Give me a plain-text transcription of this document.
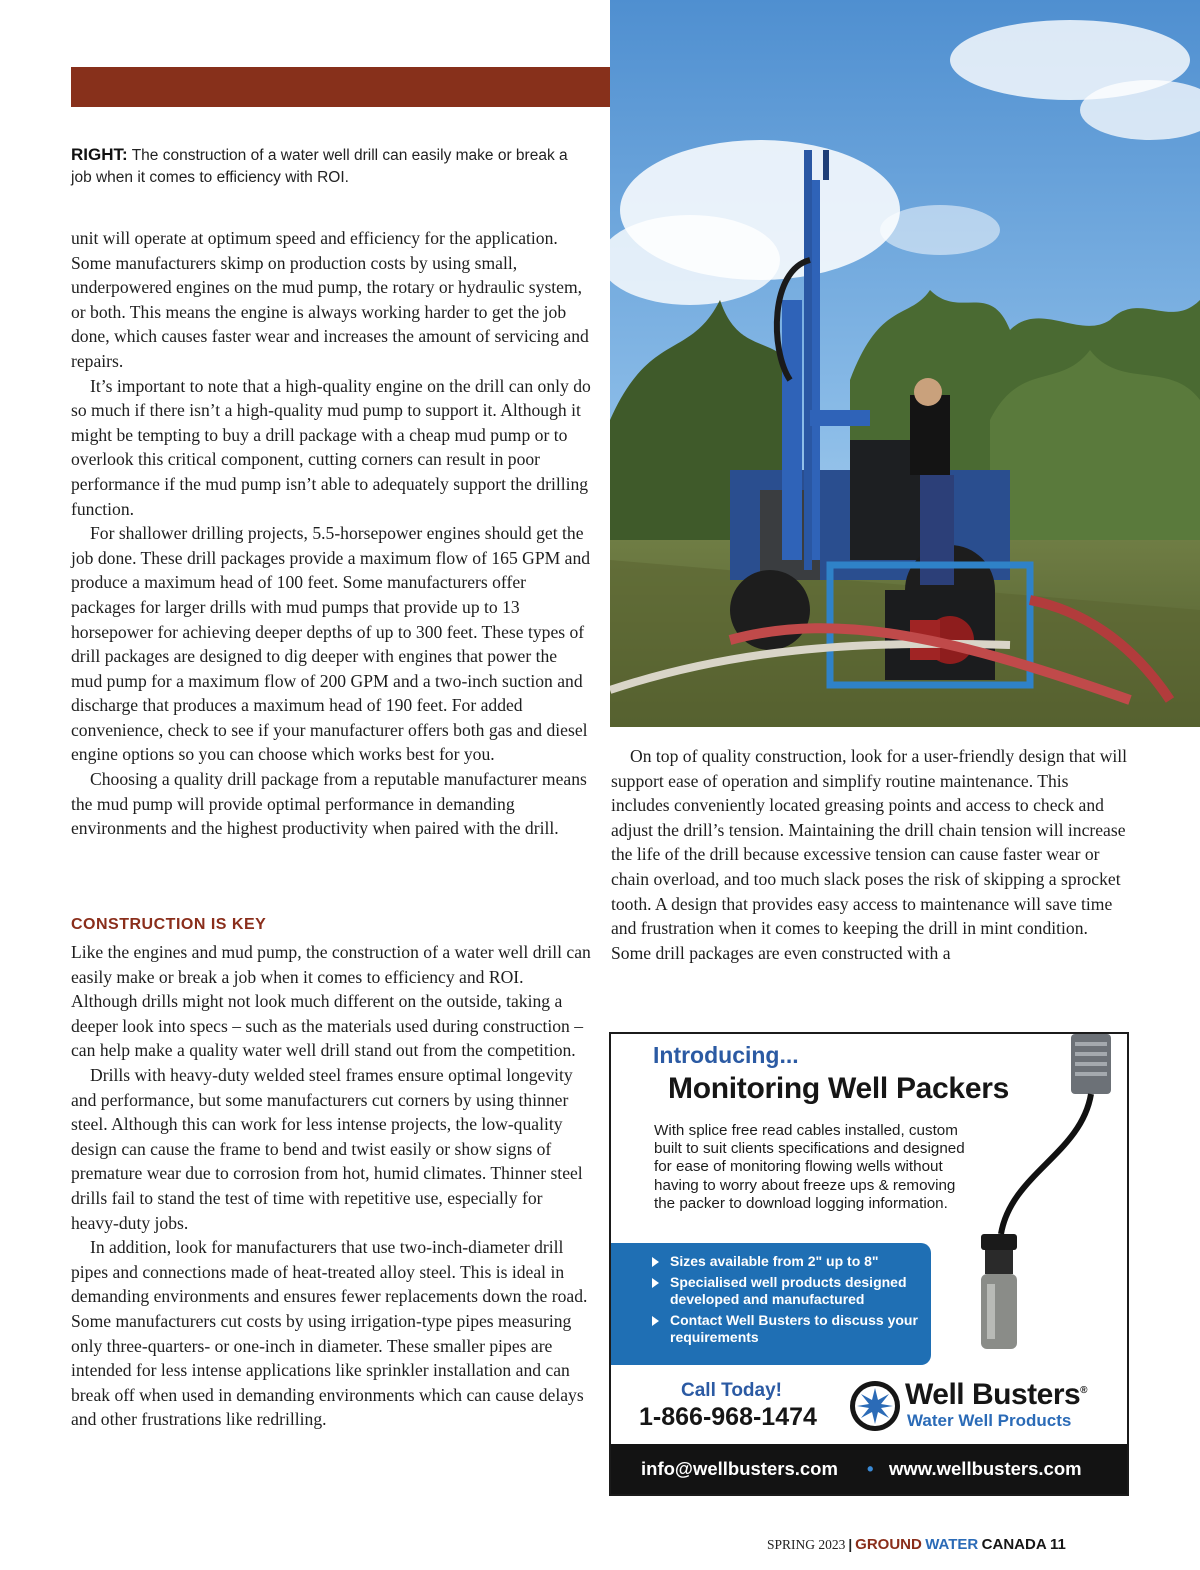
RIGHT: The construction of a water well drill can easily make or break a job when it comes to efficiency with ROI.

unit will operate at optimum speed and efficiency for the application. Some manufacturers skimp on production costs by using small, underpowered engines on the mud pump, the rotary or hydraulic system, or both. This means the engine is always working harder to get the job done, which causes faster wear and increases the amount of servicing and repairs.

It’s important to note that a high-quality engine on the drill can only do so much if there isn’t a high-quality mud pump to support it. Although it might be tempting to buy a drill package with a cheap mud pump or to overlook this critical component, cutting corners can result in poor performance if the mud pump isn’t able to adequately support the drilling function.

For shallower drilling projects, 5.5-horsepower engines should get the job done. These drill packages provide a maximum flow of 165 GPM and produce a maximum head of 100 feet. Some manufacturers offer packages for larger drills with mud pumps that provide up to 13 horsepower for achieving deeper depths of up to 300 feet. These types of drill packages are designed to dig deeper with engines that power the mud pump for a maximum flow of 200 GPM and a two-inch suction and discharge that produces a maximum head of 190 feet. For added convenience, check to see if your manufacturer offers both gas and diesel engine options so you can choose which works best for you.

Choosing a quality drill package from a reputable manufacturer means the mud pump will provide optimal performance in demanding environments and the highest productivity when paired with the drill.

CONSTRUCTION IS KEY

Like the engines and mud pump, the construction of a water well drill can easily make or break a job when it comes to efficiency and ROI. Although drills might not look much different on the outside, taking a deeper look into specs – such as the materials used during construction – can help make a quality water well drill stand out from the competition.

Drills with heavy-duty welded steel frames ensure optimal longevity and performance, but some manufacturers cut corners by using thinner steel. Although this can work for less intense projects, the low-quality design can cause the frame to bend and twist easily or show signs of premature wear due to corrosion from hot, humid climates. Thinner steel drills fail to stand the test of time with repetitive use, especially for heavy-duty jobs.

In addition, look for manufacturers that use two-inch-diameter drill pipes and connections made of heat-treated alloy steel. This is ideal in demanding environments and ensures fewer replacements down the road. Some manufacturers cut costs by using irrigation-type pipes measuring only three-quarters- or one-inch in diameter. These smaller pipes are intended for less intense applications like sprinkler installation and can break off when used in demanding environments which can cause delays and other frustrations like redrilling.

On top of quality construction, look for a user-friendly design that will support ease of operation and simplify routine maintenance. This includes conveniently located greasing points and access to check and adjust the drill’s tension. Maintaining the drill chain tension will increase the life of the drill because excessive tension can cause faster wear or chain overload, and too much slack poses the risk of skipping a sprocket tooth. A design that provides easy access to maintenance will save time and frustration when it comes to keeping the drill in mint condition. Some drill packages are even constructed with a

Introducing...
Monitoring Well Packers
With splice free read cables installed, custom built to suit clients specifications and designed for ease of monitoring flowing wells without having to worry about freeze ups & removing the packer to download logging information.
Sizes available from 2" up to 8"
Specialised well products designed developed and manufactured
Contact Well Busters to discuss your requirements
Call Today!
1-866-968-1474
Well Busters®
Water Well Products
info@wellbusters.com • www.wellbusters.com
SPRING 2023 | GROUND WATER CANADA 11
